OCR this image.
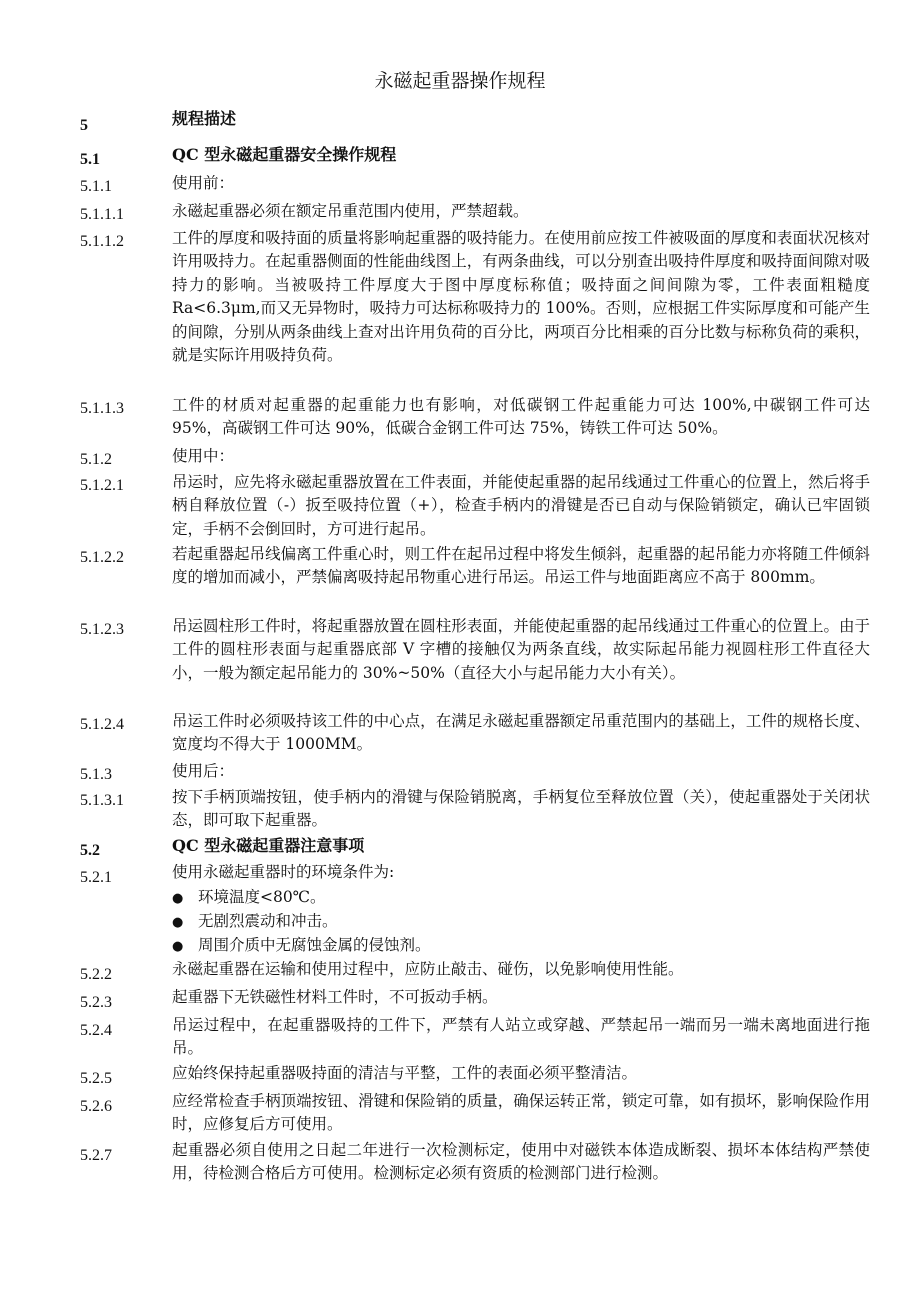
永磁起重器操作规程
5	规程描述
5.1	QC 型永磁起重器安全操作规程
5.1.1	使用前：
5.1.1.1	永磁起重器必须在额定吊重范围内使用，严禁超载。
5.1.1.2	工件的厚度和吸持面的质量将影响起重器的吸持能力。在使用前应按工件被吸面的厚度和表面状况核对许用吸持力。在起重器侧面的性能曲线图上，有两条曲线，可以分别查出吸持件厚度和吸持面间隙对吸持力的影响。当被吸持工件厚度大于图中厚度标称值；吸持面之间间隙为零，工件表面粗糙度 Ra<6.3μm,而又无异物时，吸持力可达标称吸持力的 100%。否则，应根据工件实际厚度和可能产生的间隙，分别从两条曲线上查对出许用负荷的百分比，两项百分比相乘的百分比数与标称负荷的乘积，就是实际许用吸持负荷。
5.1.1.3	工件的材质对起重器的起重能力也有影响，对低碳钢工件起重能力可达 100%,中碳钢工件可达 95%，高碳钢工件可达 90%，低碳合金钢工件可达 75%，铸铁工件可达 50%。
5.1.2	使用中：
5.1.2.1	吊运时，应先将永磁起重器放置在工件表面，并能使起重器的起吊线通过工件重心的位置上，然后将手柄自释放位置（-）扳至吸持位置（+），检查手柄内的滑键是否已自动与保险销锁定，确认已牢固锁定，手柄不会倒回时，方可进行起吊。
5.1.2.2	若起重器起吊线偏离工件重心时，则工件在起吊过程中将发生倾斜，起重器的起吊能力亦将随工件倾斜度的增加而减小，严禁偏离吸持起吊物重心进行吊运。吊运工件与地面距离应不高于 800mm。
5.1.2.3	吊运圆柱形工件时，将起重器放置在圆柱形表面，并能使起重器的起吊线通过工件重心的位置上。由于工件的圆柱形表面与起重器底部 V 字槽的接触仅为两条直线，故实际起吊能力视圆柱形工件直径大小，一般为额定起吊能力的 30%~50%（直径大小与起吊能力大小有关）。
5.1.2.4	吊运工件时必须吸持该工件的中心点，在满足永磁起重器额定吊重范围内的基础上，工件的规格长度、宽度均不得大于 1000MM。
5.1.3	使用后：
5.1.3.1	按下手柄顶端按钮，使手柄内的滑键与保险销脱离，手柄复位至释放位置（关），使起重器处于关闭状态，即可取下起重器。
5.2	QC 型永磁起重器注意事项
5.2.1	使用永磁起重器时的环境条件为:
● 环境温度<80℃。
● 无剧烈震动和冲击。
● 周围介质中无腐蚀金属的侵蚀剂。
5.2.2	永磁起重器在运输和使用过程中，应防止敲击、碰伤，以免影响使用性能。
5.2.3	起重器下无铁磁性材料工件时，不可扳动手柄。
5.2.4	吊运过程中，在起重器吸持的工件下，严禁有人站立或穿越、严禁起吊一端而另一端未离地面进行拖吊。
5.2.5	应始终保持起重器吸持面的清洁与平整，工件的表面必须平整清洁。
5.2.6	应经常检查手柄顶端按钮、滑键和保险销的质量，确保运转正常，锁定可靠，如有损坏，影响保险作用时，应修复后方可使用。
5.2.7	起重器必须自使用之日起二年进行一次检测标定，使用中对磁铁本体造成断裂、损坏本体结构严禁使用，待检测合格后方可使用。检测标定必须有资质的检测部门进行检测。
